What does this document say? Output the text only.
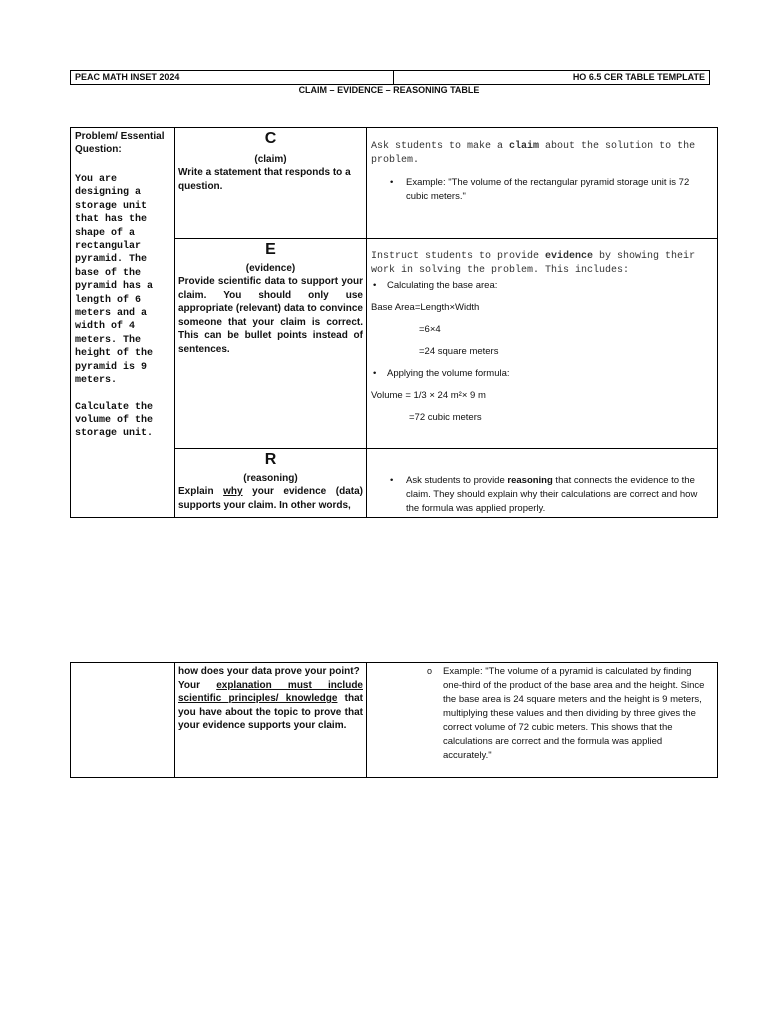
PEAC MATH INSET 2024	HO 6.5 CER TABLE TEMPLATE
CLAIM – EVIDENCE – REASONING TABLE
Problem/ Essential Question:
You are designing a storage unit that has the shape of a rectangular pyramid. The base of the pyramid has a length of 6 meters and a width of 4 meters. The height of the pyramid is 9 meters.
Calculate the volume of the storage unit.
C
(claim)
Write a statement that responds to a question.
Ask students to make a claim about the solution to the problem.
• Example: "The volume of the rectangular pyramid storage unit is 72 cubic meters."
E
(evidence)
Provide scientific data to support your claim. You should only use appropriate (relevant) data to convince someone that your claim is correct. This can be bullet points instead of sentences.
Instruct students to provide evidence by showing their work in solving the problem. This includes:
• Calculating the base area:
Base Area=Length×Width
=6×4
=24 square meters
• Applying the volume formula:
Volume = 1/3 × 24 m²× 9 m
=72 cubic meters
R
(reasoning)
Explain why your evidence (data) supports your claim. In other words,
• Ask students to provide reasoning that connects the evidence to the claim. They should explain why their calculations are correct and how the formula was applied properly.
how does your data prove your point?
Your explanation must include scientific principles/ knowledge that you have about the topic to prove that your evidence supports your claim.
o Example: "The volume of a pyramid is calculated by finding one-third of the product of the base area and the height. Since the base area is 24 square meters and the height is 9 meters, multiplying these values and then dividing by three gives the correct volume of 72 cubic meters. This shows that the calculations are correct and the formula was applied accurately."
